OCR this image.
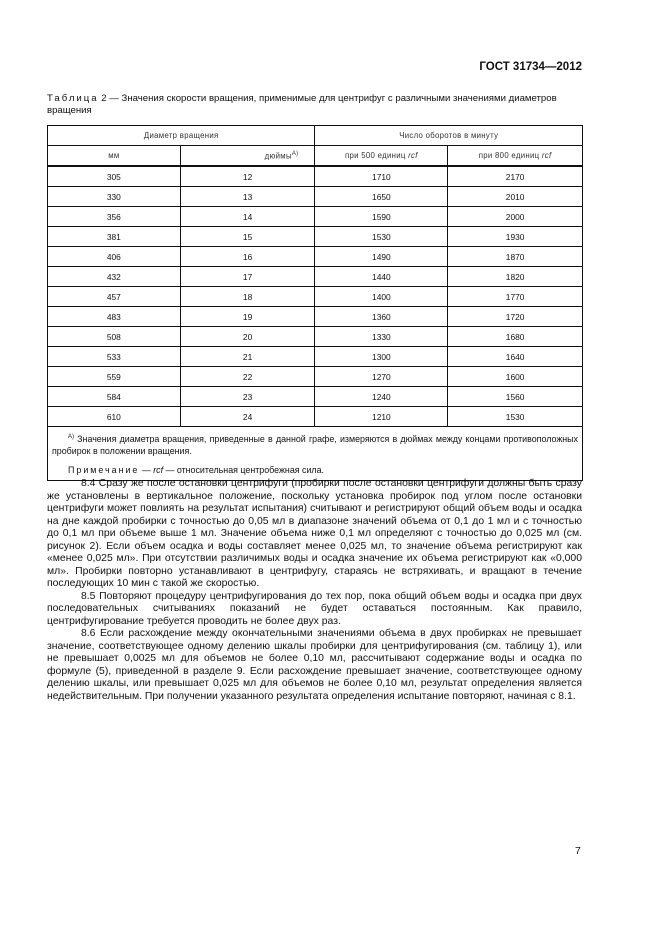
ГОСТ 31734—2012
Таблица 2 — Значения скорости вращения, применимые для центрифуг с различными значениями диаметров вращения
Диаметр вращения		Число оборотов в минуту	
мм	дюймы$^{A)}$	при 500 единиц rcf	при 800 единиц rcf
305	12	1710	2170
330	13	1650	2010
356	14	1590	2000
381	15	1530	1930
406	16	1490	1870
432	17	1440	1820
457	18	1400	1770
483	19	1360	1720
508	20	1330	1680
533	21	1300	1640
559	22	1270	1600
584	23	1240	1560
610	24	1210	1530

$^{A)}$ Значения диаметра вращения, приведенные в данной графе, измеряются в дюймах между концами противоположных пробирок в положении вращения.

Примечание — rcf — относительная центробежная сила.			

8.4 Сразу же после остановки центрифуги (пробирки после остановки центрифуги должны быть сразу же установлены в вертикальное положение, поскольку установка пробирок под углом после остановки центрифуги может повлиять на результат испытания) считывают и регистрируют общий объем воды и осадка на дне каждой пробирки с точностью до 0,05 мл в диапазоне значений объема от 0,1 до 1 мл и с точностью до 0,1 мл при объеме выше 1 мл. Значение объема ниже 0,1 мл определяют с точностью до 0,025 мл (см. рисунок 2). Если объем осадка и воды составляет менее 0,025 мл, то значение объема регистрируют как «менее 0,025 мл». При отсутствии различимых воды и осадка значение их объема регистрируют как «0,000 мл». Пробирки повторно устанавливают в центрифугу, стараясь не встряхивать, и вращают в течение последующих 10 мин с такой же скоростью.

8.5 Повторяют процедуру центрифугирования до тех пор, пока общий объем воды и осадка при двух последовательных считываниях показаний не будет оставаться постоянным. Как правило, центрифугирование требуется проводить не более двух раз.

8.6 Если расхождение между окончательными значениями объема в двух пробирках не превышает значение, соответствующее одному делению шкалы пробирки для центрифугирования (см. таблицу 1), или не превышает 0,0025 мл для объемов не более 0,10 мл, рассчитывают содержание воды и осадка по формуле (5), приведенной в разделе 9. Если расхождение превышает значение, соответствующее одному делению шкалы, или превышает 0,025 мл для объемов не более 0,10 мл, результат определения является недействительным. При получении указанного результата определения испытание повторяют, начиная с 8.1.

7
